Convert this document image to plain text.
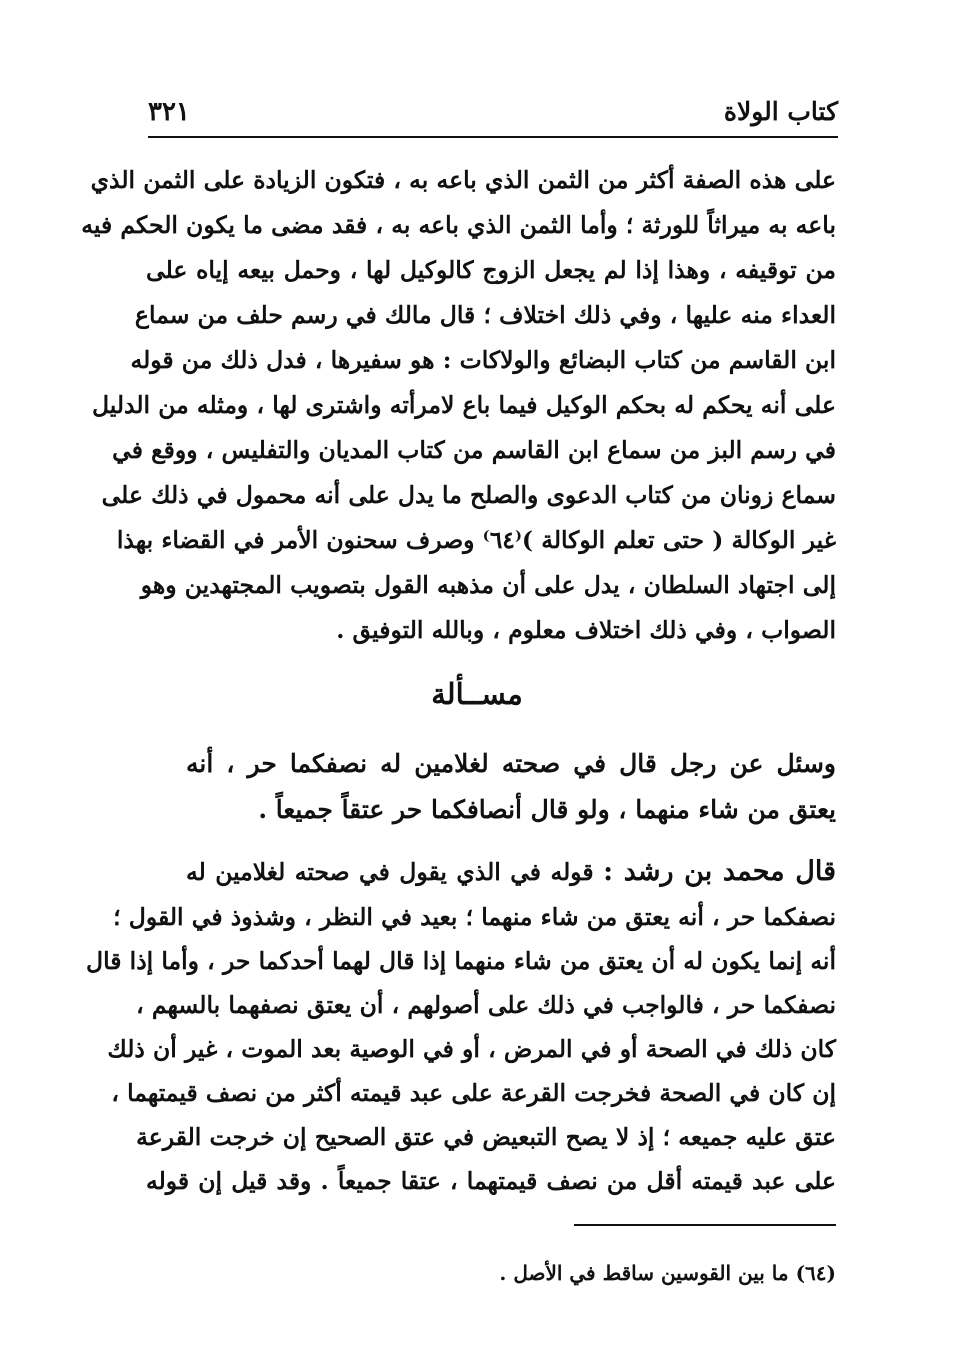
كتاب الولاة
٣٢١
على هذه الصفة أكثر من الثمن الذي باعه به ، فتكون الزيادة على الثمن الذي
باعه به ميراثاً للورثة ؛ وأما الثمن الذي باعه به ، فقد مضى ما يكون الحكم فيه
من توقيفه ، وهذا إذا لم يجعل الزوج كالوكيل لها ، وحمل بيعه إياه على
العداء منه عليها ، وفي ذلك اختلاف ؛ قال مالك في رسم حلف من سماع
ابن القاسم من كتاب البضائع والولاكات : هو سفيرها ، فدل ذلك من قوله
على أنه يحكم له بحكم الوكيل فيما باع لامرأته واشترى لها ، ومثله من الدليل
في رسم البز من سماع ابن القاسم من كتاب المديان والتفليس ، ووقع في
سماع زونان من كتاب الدعوى والصلح ما يدل على أنه محمول في ذلك على
غير الوكالة ( حتى تعلم الوكالة )⁽٦٤⁾ وصرف سحنون الأمر في القضاء بهذا
إلى اجتهاد السلطان ، يدل على أن مذهبه القول بتصويب المجتهدين وهو
الصواب ، وفي ذلك اختلاف معلوم ، وبالله التوفيق .
مســألة
وسئل عن رجل قال في صحته لغلامين له نصفكما حر ، أنه
يعتق من شاء منهما ، ولو قال أنصافكما حر عتقاً جميعاً .
قال محمد بن رشد : قوله في الذي يقول في صحته لغلامين له
نصفكما حر ، أنه يعتق من شاء منهما ؛ بعيد في النظر ، وشذوذ في القول ؛
أنه إنما يكون له أن يعتق من شاء منهما إذا قال لهما أحدكما حر ، وأما إذا قال
نصفكما حر ، فالواجب في ذلك على أصولهم ، أن يعتق نصفهما بالسهم ،
كان ذلك في الصحة أو في المرض ، أو في الوصية بعد الموت ، غير أن ذلك
إن كان في الصحة فخرجت القرعة على عبد قيمته أكثر من نصف قيمتهما ،
عتق عليه جميعه ؛ إذ لا يصح التبعيض في عتق الصحيح إن خرجت القرعة
على عبد قيمته أقل من نصف قيمتهما ، عتقا جميعاً . وقد قيل إن قوله
(٦٤) ما بين القوسين ساقط في الأصل .
